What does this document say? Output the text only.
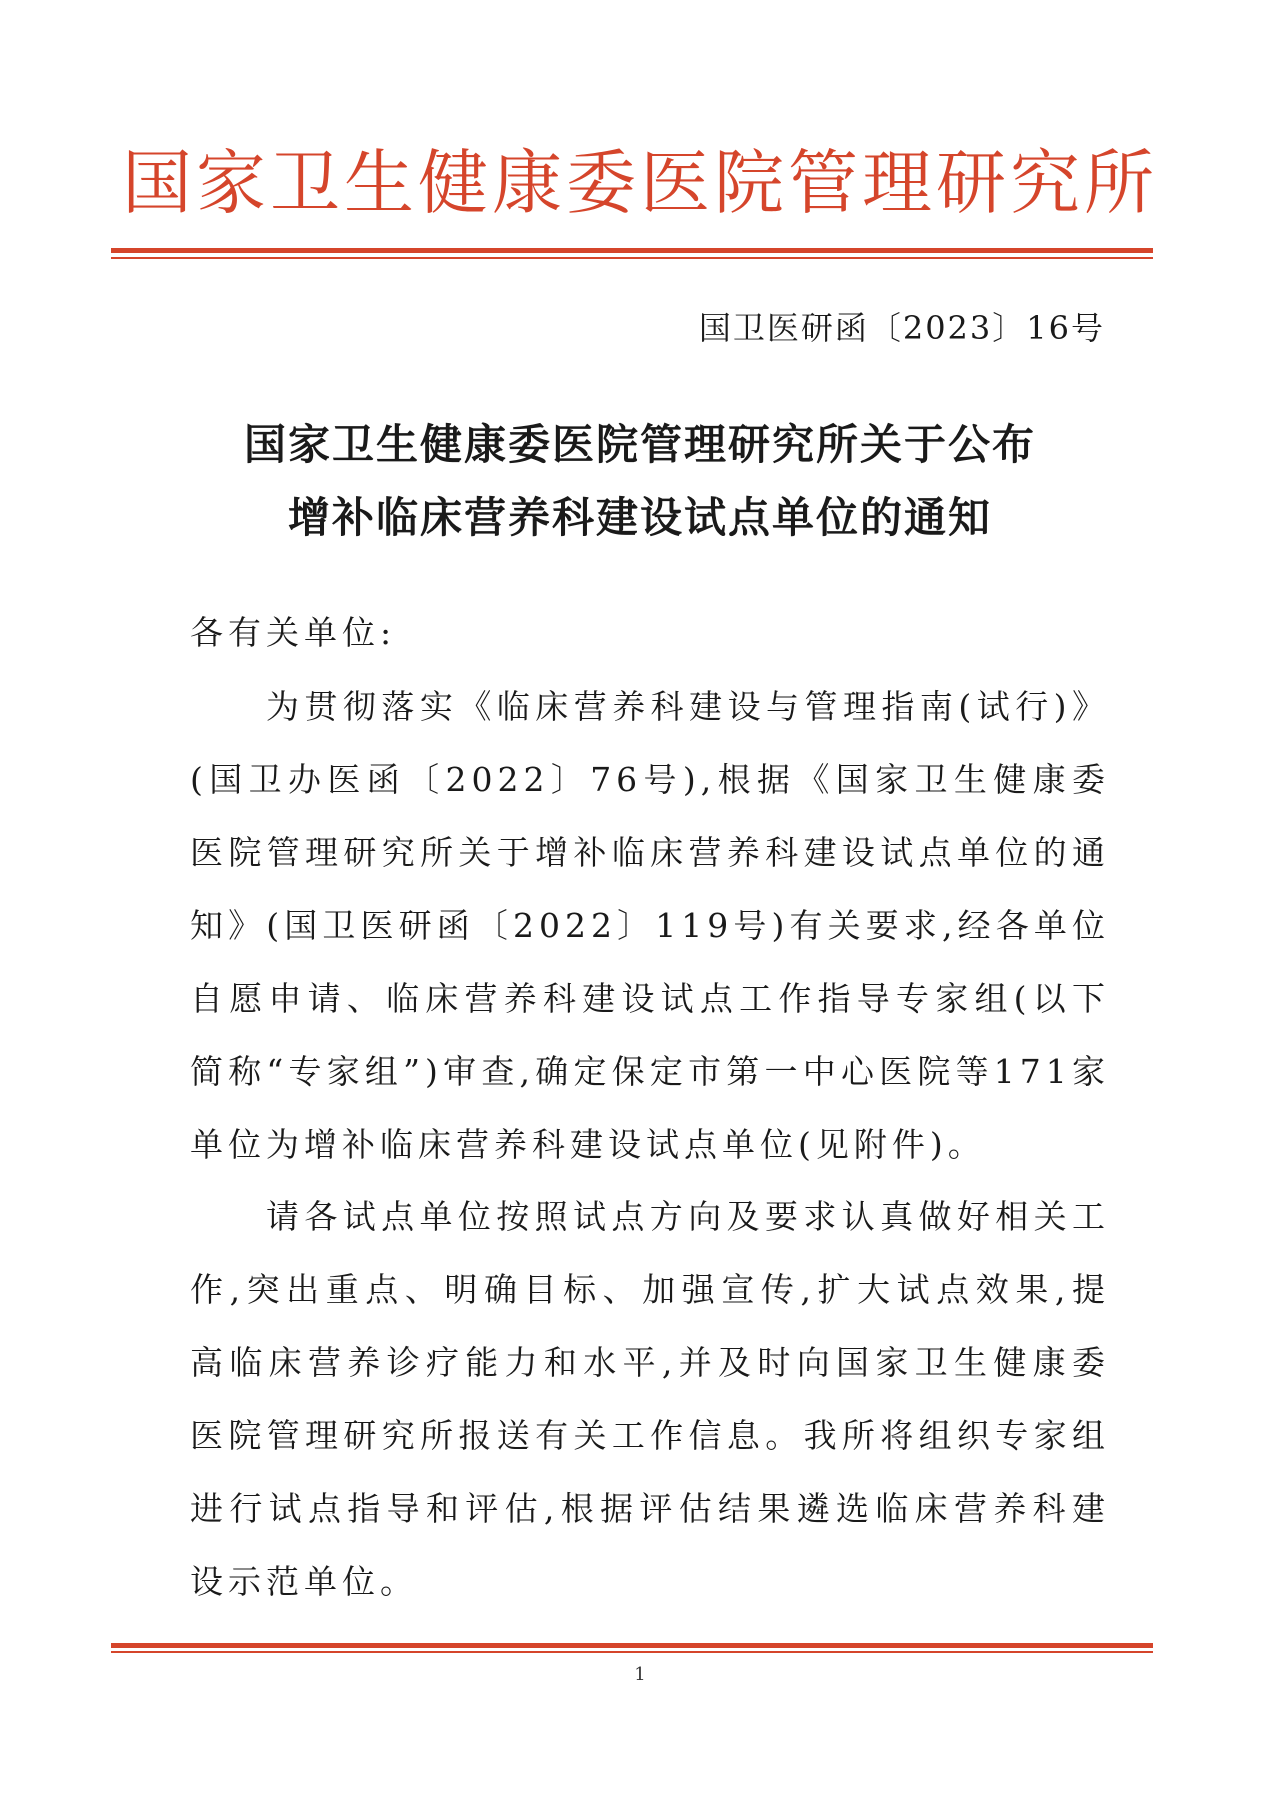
国家卫生健康委医院管理研究所
国卫医研函〔2023〕16号
国家卫生健康委医院管理研究所关于公布
增补临床营养科建设试点单位的通知
各有关单位:
为贯彻落实《临床营养科建设与管理指南(试行)》(国卫办医函〔2022〕76号),根据《国家卫生健康委医院管理研究所关于增补临床营养科建设试点单位的通知》(国卫医研函〔2022〕119号)有关要求,经各单位自愿申请、临床营养科建设试点工作指导专家组(以下简称“专家组”)审查,确定保定市第一中心医院等171家单位为增补临床营养科建设试点单位(见附件)。
请各试点单位按照试点方向及要求认真做好相关工作,突出重点、明确目标、加强宣传,扩大试点效果,提高临床营养诊疗能力和水平,并及时向国家卫生健康委医院管理研究所报送有关工作信息。我所将组织专家组进行试点指导和评估,根据评估结果遴选临床营养科建设示范单位。
1
